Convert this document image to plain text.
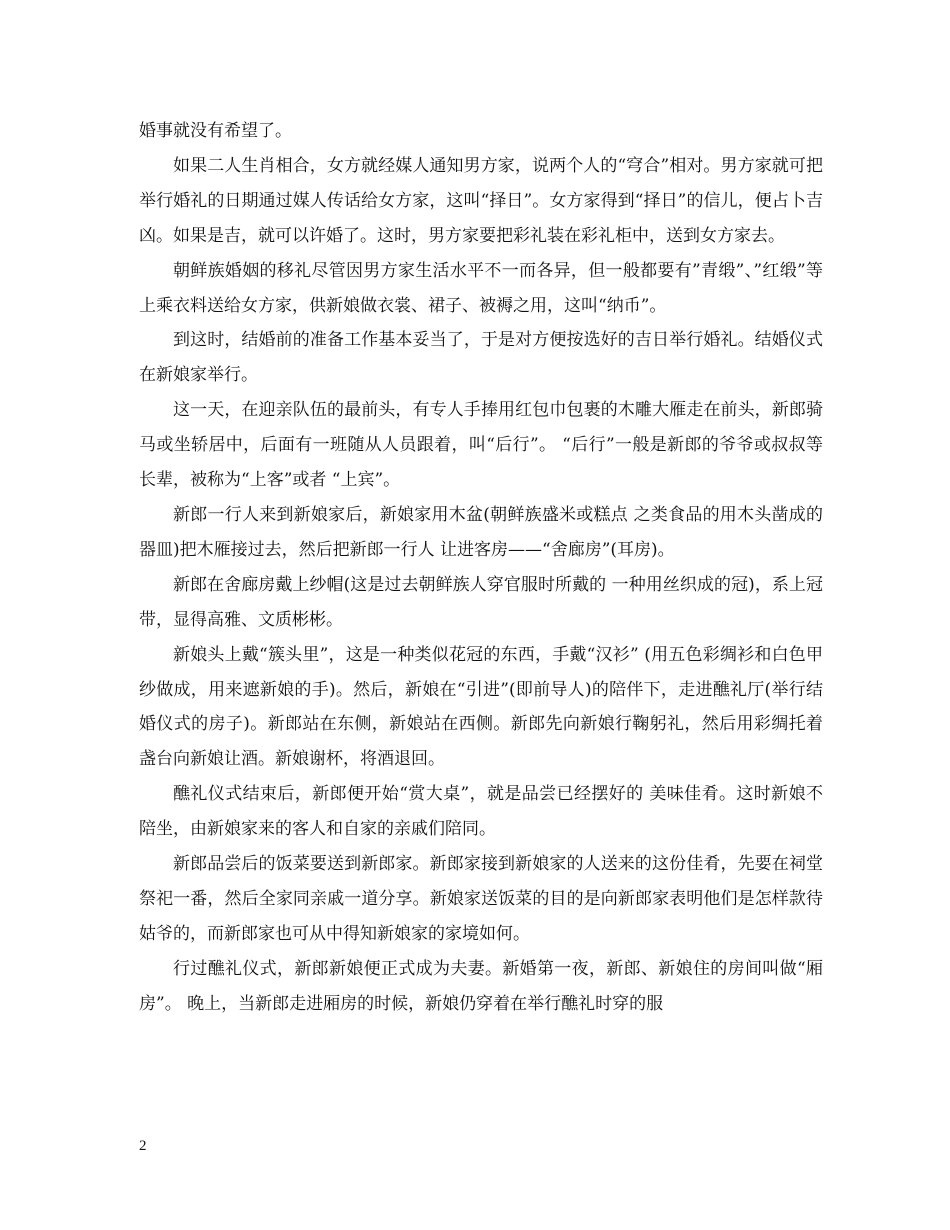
婚事就没有希望了。

如果二人生肖相合，女方就经媒人通知男方家，说两个人的“穹合”相对。男方家就可把举行婚礼的日期通过媒人传话给女方家，这叫“择日”。女方家得到“择日”的信儿，便占卜吉凶。如果是吉，就可以许婚了。这时，男方家要把彩礼装在彩礼柜中，送到女方家去。

朝鲜族婚姻的移礼尽管因男方家生活水平不一而各异，但一般都要有”青缎”、”红缎”等上乘衣料送给女方家，供新娘做衣裳、裙子、被褥之用，这叫“纳币”。

到这时，结婚前的准备工作基本妥当了，于是对方便按选好的吉日举行婚礼。结婚仪式在新娘家举行。

这一天，在迎亲队伍的最前头，有专人手捧用红包巾包裹的木雕大雁走在前头，新郎骑 马或坐轿居中，后面有一班随从人员跟着，叫“后行”。 “后行”一般是新郎的爷爷或叔叔等长辈，被称为“上客”或者 “上宾”。

新郎一行人来到新娘家后，新娘家用木盆(朝鲜族盛米或糕点 之类食品的用木头凿成的器皿)把木雁接过去，然后把新郎一行人 让进客房——“舍廊房”(耳房)。

新郎在舍廊房戴上纱帽(这是过去朝鲜族人穿官服时所戴的 一种用丝织成的冠)，系上冠带，显得高雅、文质彬彬。

新娘头上戴“簇头里”，这是一种类似花冠的东西，手戴“汉衫” (用五色彩绸衫和白色甲纱做成，用来遮新娘的手)。然后，新娘在“引进”(即前导人)的陪伴下，走进醮礼厅(举行结婚仪式的房子)。新郎站在东侧，新娘站在西侧。新郎先向新娘行鞠躬礼，然后用彩绸托着盏台向新娘让酒。新娘谢杯，将酒退回。

醮礼仪式结束后，新郎便开始“赏大桌”，就是品尝已经摆好的 美味佳肴。这时新娘不陪坐，由新娘家来的客人和自家的亲戚们陪同。

新郎品尝后的饭菜要送到新郎家。新郎家接到新娘家的人送来的这份佳肴，先要在祠堂祭祀一番，然后全家同亲戚一道分享。新娘家送饭菜的目的是向新郎家表明他们是怎样款待姑爷的，而新郎家也可从中得知新娘家的家境如何。

行过醮礼仪式，新郎新娘便正式成为夫妻。新婚第一夜，新郎、新娘住的房间叫做“厢房”。 晚上，当新郎走进厢房的时候，新娘仍穿着在举行醮礼时穿的服

2
